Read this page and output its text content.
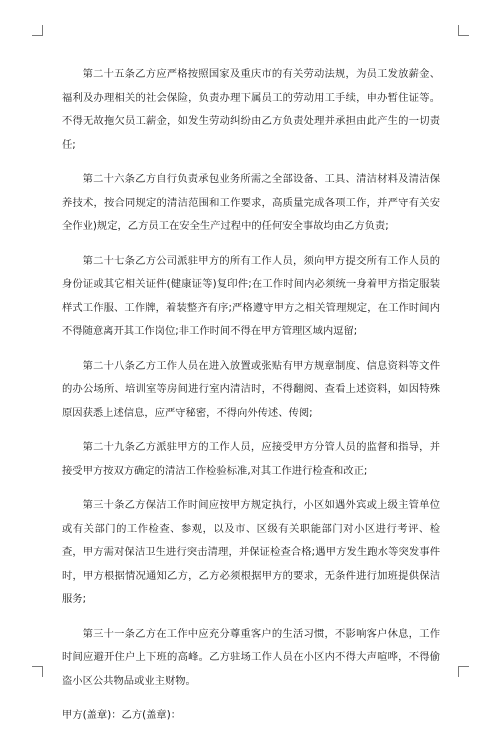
第二十五条乙方应严格按照国家及重庆市的有关劳动法规，为员工发放薪金、福利及办理相关的社会保险，负责办理下属员工的劳动用工手续，申办暂住证等。不得无故拖欠员工薪金，如发生劳动纠纷由乙方负责处理并承担由此产生的一切责任;

第二十六条乙方自行负责承包业务所需之全部设备、工具、清洁材料及清洁保养技术，按合同规定的清洁范围和工作要求，高质量完成各项工作，并严守有关安全作业)规定，乙方员工在安全生产过程中的任何安全事故均由乙方负责;

第二十七条乙方公司派驻甲方的所有工作人员，须向甲方提交所有工作人员的身份证或其它相关证件(健康证等)复印件;在工作时间内必须统一身着甲方指定服装样式工作服、工作牌，着装整齐有序;严格遵守甲方之相关管理规定，在工作时间内不得随意离开其工作岗位;非工作时间不得在甲方管理区域内逗留;

第二十八条乙方工作人员在进入放置或张贴有甲方规章制度、信息资料等文件的办公场所、培训室等房间进行室内清洁时，不得翻阅、查看上述资料，如因特殊原因获悉上述信息，应严守秘密，不得向外传述、传阅;

第二十九条乙方派驻甲方的工作人员，应接受甲方分管人员的监督和指导，并接受甲方按双方确定的清洁工作检验标准,对其工作进行检查和改正;

第三十条乙方保洁工作时间应按甲方规定执行，小区如遇外宾或上级主管单位或有关部门的工作检查、参观，以及市、区级有关职能部门对小区进行考评、检查，甲方需对保洁卫生进行突击清理，并保证检查合格;遇甲方发生跑水等突发事件时，甲方根据情况通知乙方，乙方必须根据甲方的要求，无条件进行加班提供保洁服务;

第三十一条乙方在工作中应充分尊重客户的生活习惯，不影响客户休息，工作时间应避开住户上下班的高峰。乙方驻场工作人员在小区内不得大声喧哗，不得偷盗小区公共物品或业主财物。

甲方(盖章)：乙方(盖章)：
